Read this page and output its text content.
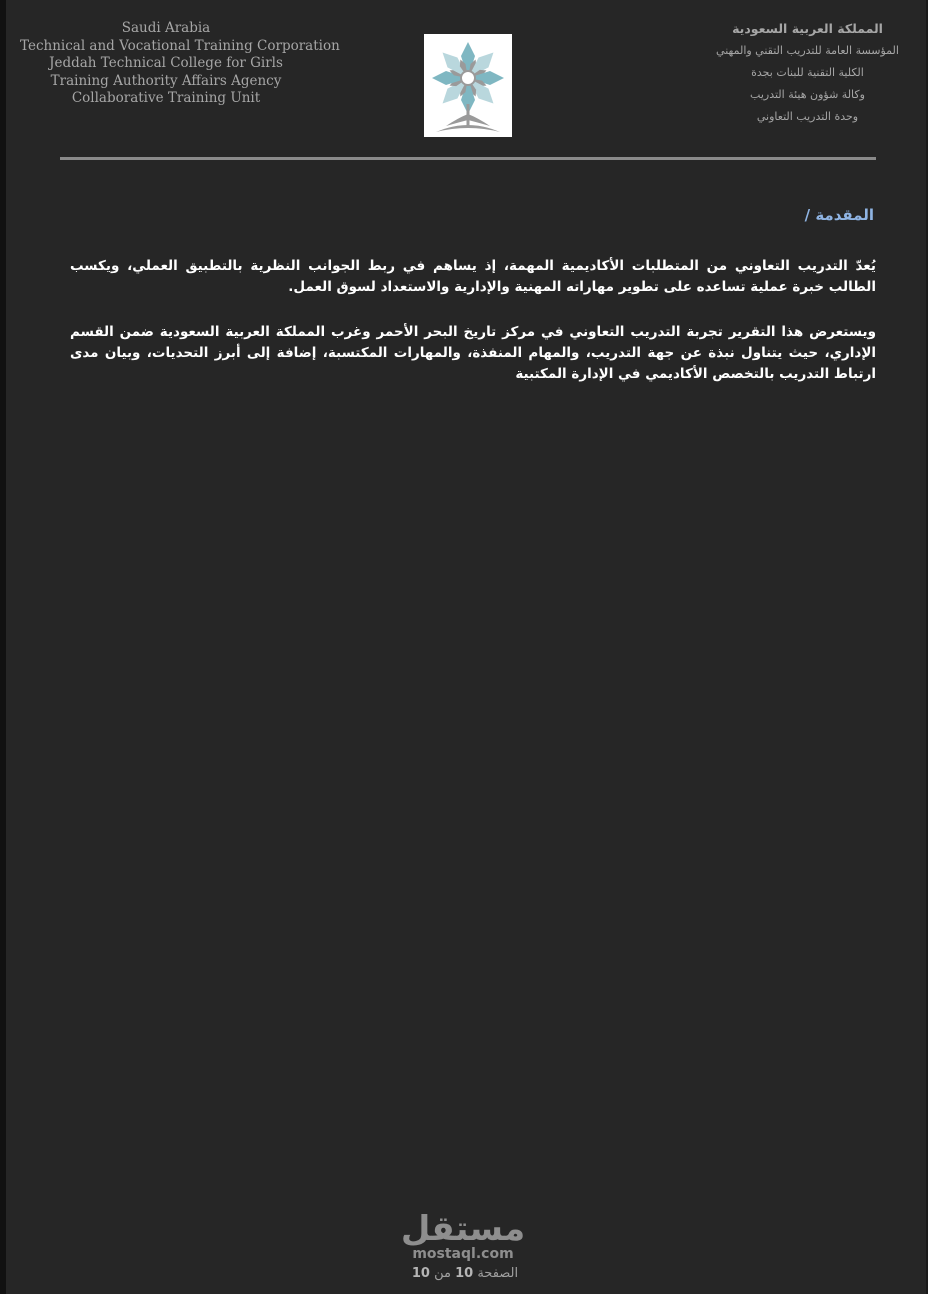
Saudi Arabia
Technical and Vocational Training Corporation
Jeddah Technical College for Girls
Training Authority Affairs Agency
Collaborative Training Unit
المملكة العربية السعودية
المؤسسة العامة للتدريب التقني والمهني
الكلية التقنية للبنات بجدة
وكالة شؤون هيئة التدريب
وحدة التدريب التعاوني
المقدمة /
يُعدّ التدريب التعاوني من المتطلبات الأكاديمية المهمة، إذ يساهم في ربط الجوانب النظرية بالتطبيق العملي، ويكسب الطالب خبرة عملية تساعده على تطوير مهاراته المهنية والإدارية والاستعداد لسوق العمل.
ويستعرض هذا التقرير تجربة التدريب التعاوني في مركز تاريخ البحر الأحمر وغرب المملكة العربية السعودية ضمن القسم الإداري، حيث يتناول نبذة عن جهة التدريب، والمهام المنفذة، والمهارات المكتسبة، إضافة إلى أبرز التحديات، وبيان مدى ارتباط التدريب بالتخصص الأكاديمي في الإدارة المكتبية
مستقل
mostaql.com
الصفحة 10 من 10
